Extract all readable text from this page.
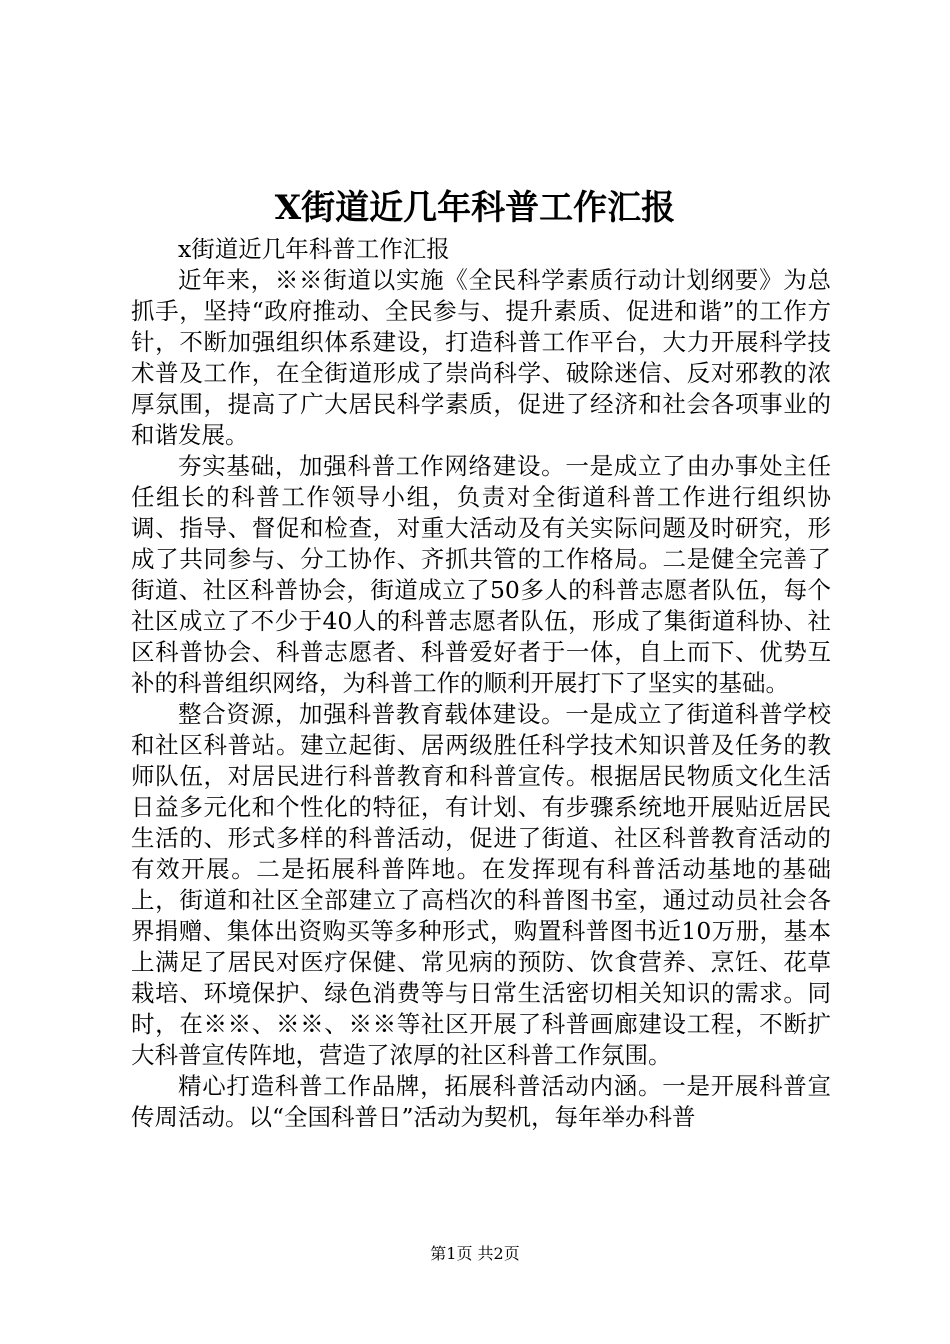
X街道近几年科普工作汇报

x街道近几年科普工作汇报

近年来，※※街道以实施《全民科学素质行动计划纲要》为总抓手，坚持“政府推动、全民参与、提升素质、促进和谐”的工作方针，不断加强组织体系建设，打造科普工作平台，大力开展科学技术普及工作，在全街道形成了崇尚科学、破除迷信、反对邪教的浓厚氛围，提高了广大居民科学素质，促进了经济和社会各项事业的和谐发展。

夯实基础，加强科普工作网络建设。一是成立了由办事处主任任组长的科普工作领导小组，负责对全街道科普工作进行组织协调、指导、督促和检查，对重大活动及有关实际问题及时研究，形成了共同参与、分工协作、齐抓共管的工作格局。二是健全完善了街道、社区科普协会，街道成立了50多人的科普志愿者队伍，每个社区成立了不少于40人的科普志愿者队伍，形成了集街道科协、社区科普协会、科普志愿者、科普爱好者于一体，自上而下、优势互补的科普组织网络，为科普工作的顺利开展打下了坚实的基础。

整合资源，加强科普教育载体建设。一是成立了街道科普学校和社区科普站。建立起街、居两级胜任科学技术知识普及任务的教师队伍，对居民进行科普教育和科普宣传。根据居民物质文化生活日益多元化和个性化的特征，有计划、有步骤系统地开展贴近居民生活的、形式多样的科普活动，促进了街道、社区科普教育活动的有效开展。二是拓展科普阵地。在发挥现有科普活动基地的基础上，街道和社区全部建立了高档次的科普图书室，通过动员社会各界捐赠、集体出资购买等多种形式，购置科普图书近10万册，基本上满足了居民对医疗保健、常见病的预防、饮食营养、烹饪、花草栽培、环境保护、绿色消费等与日常生活密切相关知识的需求。同时，在※※、※※、※※等社区开展了科普画廊建设工程，不断扩大科普宣传阵地，营造了浓厚的社区科普工作氛围。

精心打造科普工作品牌，拓展科普活动内涵。一是开展科普宣传周活动。以“全国科普日”活动为契机，每年举办科普

第1页 共2页
